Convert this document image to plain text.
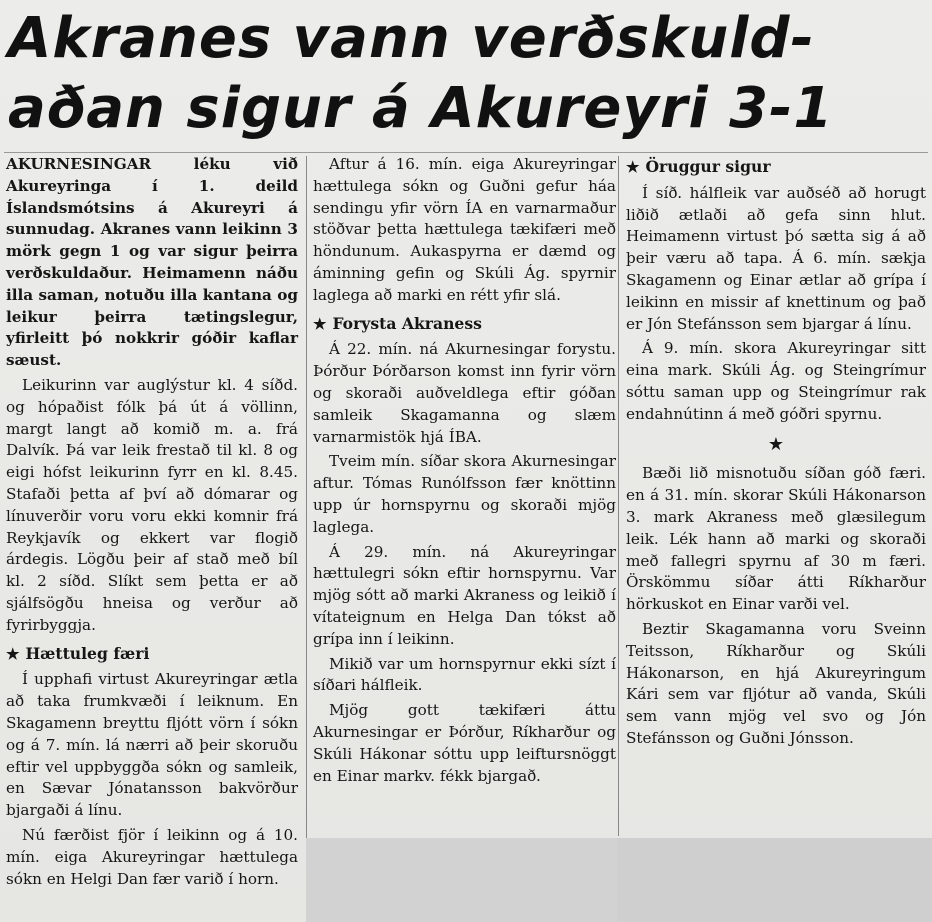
Akranes vann verðskuld-
aðan sigur á Akureyri 3-1

AKURNESINGAR léku við Akureyringa í 1. deild Íslandsmótsins á Akureyri á sunnudag. Akranes vann leikinn 3 mörk gegn 1 og var sigur þeirra verðskuldaður. Heimamenn náðu illa saman, notuðu illa kantana og leikur þeirra tætingslegur, yfirleitt þó nokkrir góðir kaflar sæust.

Leikurinn var auglýstur kl. 4 síðd. og hópaðist fólk þá út á völlinn, margt langt að komið m. a. frá Dalvík. Þá var leik frestað til kl. 8 og eigi hófst leikurinn fyrr en kl. 8.45. Stafaði þetta af því að dómarar og línuverðir voru voru ekki komnir frá Reykjavík og ekkert var flogið árdegis. Lögðu þeir af stað með bíl kl. 2 síðd. Slíkt sem þetta er að sjálfsögðu hneisa og verður að fyrirbyggja.

★ Hættuleg færi

Í upphafi virtust Akureyringar ætla að taka frumkvæði í leiknum. En Skagamenn breyttu fljótt vörn í sókn og á 7. mín. lá nærri að þeir skoruðu eftir vel uppbyggða sókn og samleik, en Sævar Jónatansson bakvörður bjargaði á línu.

Nú færðist fjör í leikinn og á 10. mín. eiga Akureyringar hættulega sókn en Helgi Dan fær varið í horn.

Aftur á 16. mín. eiga Akureyringar hættulega sókn og Guðni gefur háa sendingu yfir vörn ÍA en varnarmaður stöðvar þetta hættulega tækifæri með höndunum. Aukaspyrna er dæmd og áminning gefin og Skúli Ág. spyrnir laglega að marki en rétt yfir slá.

★ Forysta Akraness

Á 22. mín. ná Akurnesingar forystu. Þórður Þórðarson komst inn fyrir vörn og skoraði auðveldlega eftir góðan samleik Skagamanna og slæm varnarmistök hjá ÍBA.

Tveim mín. síðar skora Akurnesingar aftur. Tómas Runólfsson fær knöttinn upp úr hornspyrnu og skoraði mjög laglega.

Á 29. mín. ná Akureyringar hættulegri sókn eftir hornspyrnu. Var mjög sótt að marki Akraness og leikið í vítateignum en Helga Dan tókst að grípa inn í leikinn.

Mikið var um hornspyrnur ekki sízt í síðari hálfleik.

Mjög gott tækifæri áttu Akurnesingar er Þórður, Ríkharður og Skúli Hákonar sóttu upp leiftursnöggt en Einar markv. fékk bjargað.

★ Öruggur sigur

Í síð. hálfleik var auðséð að horugt liðið ætlaði að gefa sinn hlut. Heimamenn virtust þó sætta sig á að þeir væru að tapa. Á 6. mín. sækja Skagamenn og Einar ætlar að grípa í leikinn en missir af knettinum og það er Jón Stefánsson sem bjargar á línu.

Á 9. mín. skora Akureyringar sitt eina mark. Skúli Ág. og Steingrímur sóttu saman upp og Steingrímur rak endahnútinn á með góðri spyrnu.

★

Bæði lið misnotuðu síðan góð færi. en á 31. mín. skorar Skúli Hákonarson 3. mark Akraness með glæsilegum leik. Lék hann að marki og skoraði með fallegri spyrnu af 30 m færi. Örskömmu síðar átti Ríkharður hörkuskot en Einar varði vel.

Beztir Skagamanna voru Sveinn Teitsson, Ríkharður og Skúli Hákonarson, en hjá Akureyringum Kári sem var fljótur að vanda, Skúli sem vann mjög vel svo og Jón Stefánsson og Guðni Jónsson.
